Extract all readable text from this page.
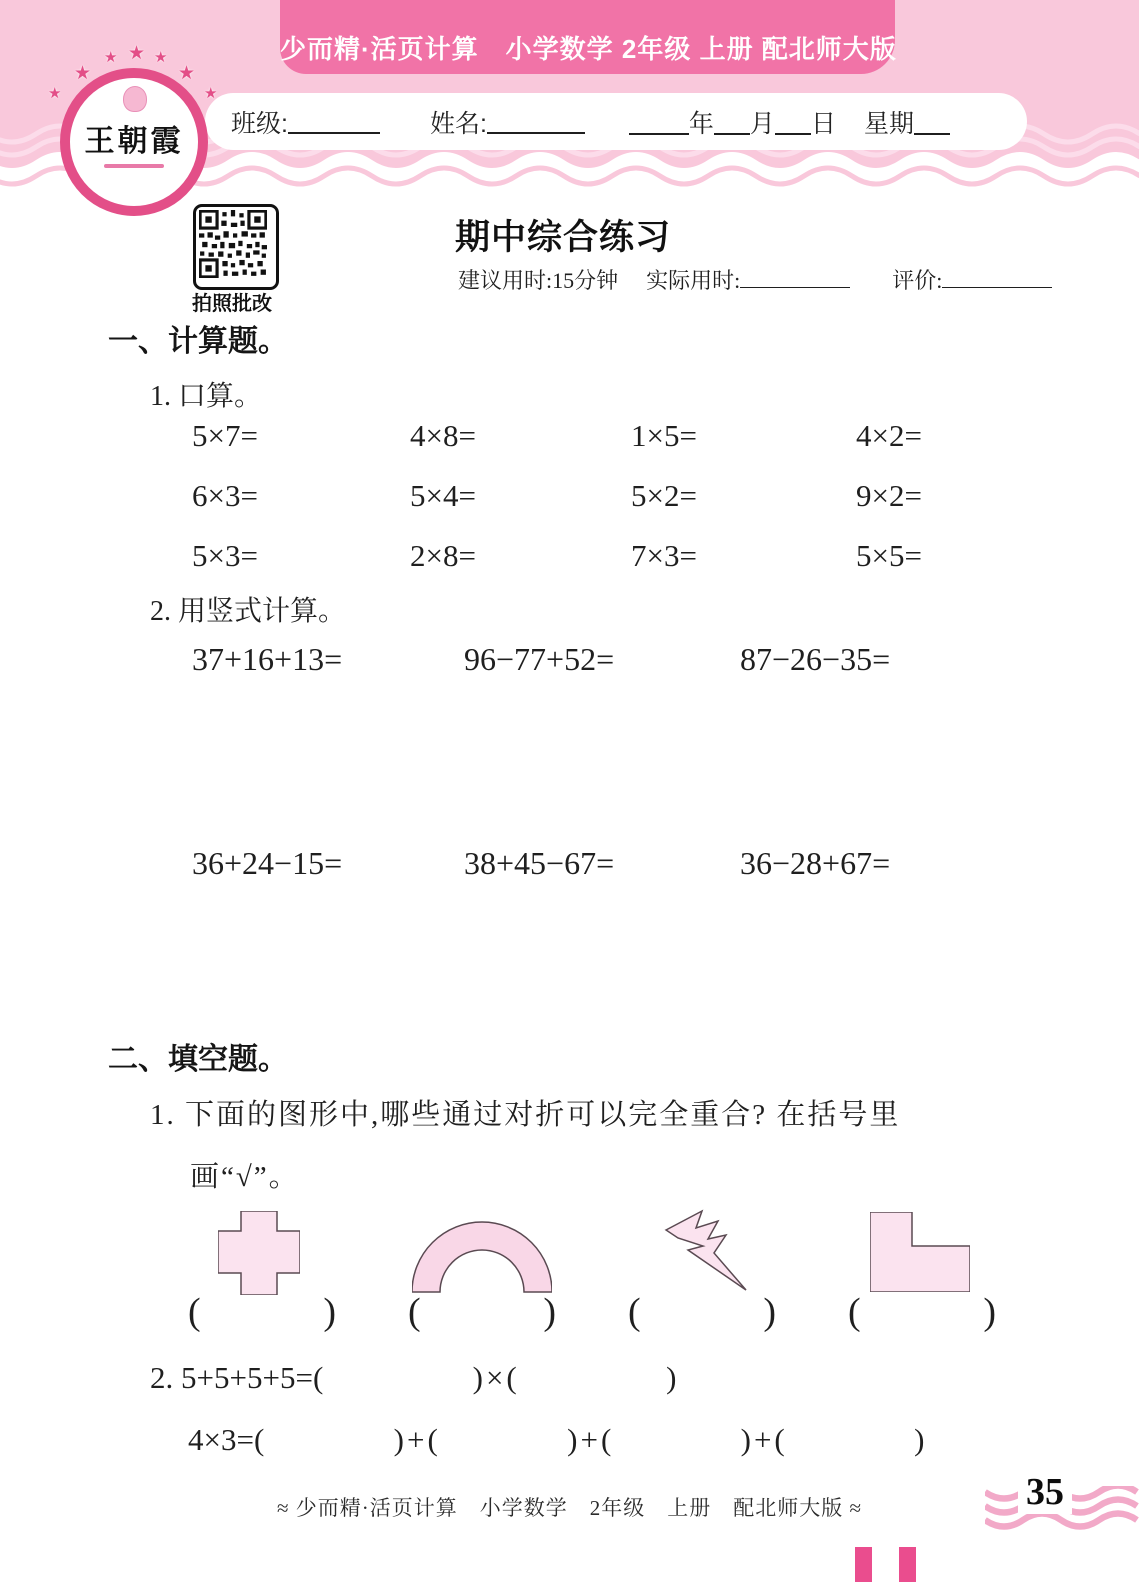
少而精·活页计算　小学数学 2年级 上册 配北师大版
★
★
★ ★ ★
★
★
王朝霞
班级:	姓名:	年 月 日 星期
拍照批改
期中综合练习
建议用时:15分钟 实际用时:	评价:
一、计算题。
1. 口算。
5×7=	4×8=	1×5=	4×2=
6×3=	5×4=	5×2=	9×2=
5×3=	2×8=	7×3=	5×5=
2. 用竖式计算。
37+16+13=	96−77+52=	87−26−35=
36+24−15=	38+45−67=	36−28+67=
二、填空题。
1. 下面的图形中,哪些通过对折可以完全重合? 在括号里
画“√”。
(	) (	) (	) (	)
2. 5+5+5+5= (	) × (	)
4×3= (	) + (	) + (	) + (	)
≈ 少而精·活页计算　小学数学　2年级　上册　配北师大版 ≈	35
